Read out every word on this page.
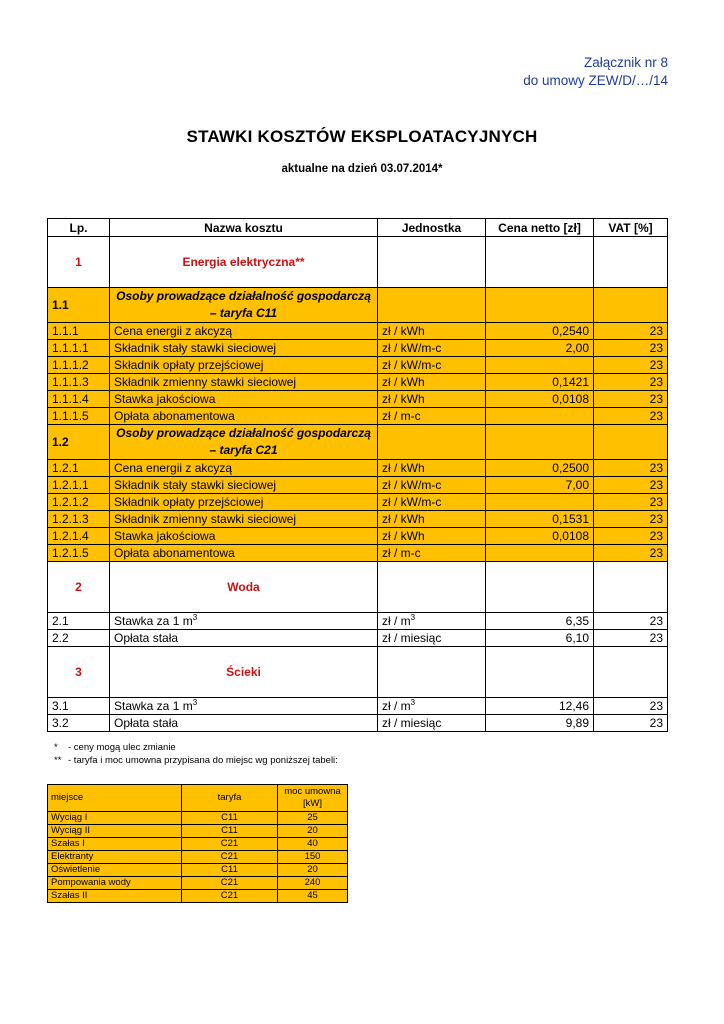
Załącznik nr 8
do umowy ZEW/D/…/14
STAWKI KOSZTÓW EKSPLOATACYJNYCH
aktualne na dzień 03.07.2014*
Lp.	Nazwa kosztu	Jednostka	Cena netto [zł]	VAT [%]
1	Energia elektryczna**			
1.1	Osoby prowadzące działalność gospodarczą – taryfa C11			
1.1.1	Cena energii z akcyzą	zł / kWh	0,2540	23
1.1.1.1	Składnik stały stawki sieciowej	zł / kW/m-c	2,00	23
1.1.1.2	Składnik opłaty przejściowej	zł / kW/m-c		23
1.1.1.3	Składnik zmienny stawki sieciowej	zł / kWh	0,1421	23
1.1.1.4	Stawka jakościowa	zł / kWh	0,0108	23
1.1.1.5	Opłata abonamentowa	zł / m-c		23
1.2	Osoby prowadzące działalność gospodarczą – taryfa C21			
1.2.1	Cena energii z akcyzą	zł / kWh	0,2500	23
1.2.1.1	Składnik stały stawki sieciowej	zł / kW/m-c	7,00	23
1.2.1.2	Składnik opłaty przejściowej	zł / kW/m-c		23
1.2.1.3	Składnik zmienny stawki sieciowej	zł / kWh	0,1531	23
1.2.1.4	Stawka jakościowa	zł / kWh	0,0108	23
1.2.1.5	Opłata abonamentowa	zł / m-c		23
2	Woda			
2.1	Stawka za 1 $m^3$	zł / $m^3$	6,35	23
2.2	Opłata stała	zł / miesiąc	6,10	23
3	Ścieki			
3.1	Stawka za 1 $m^3$	zł / $m^3$	12,46	23
3.2	Opłata stała	zł / miesiąc	9,89	23
* - ceny mogą ulec zmianie
** - taryfa i moc umowna przypisana do miejsc wg poniższej tabeli:
miejsce	taryfa	moc umowna [kW]
Wyciąg I	C11	25
Wyciąg II	C11	20
Szałas I	C21	40
Elektranty	C21	150
Oświetlenie	C11	20
Pompowania wody	C21	240
Szałas II	C21	45
